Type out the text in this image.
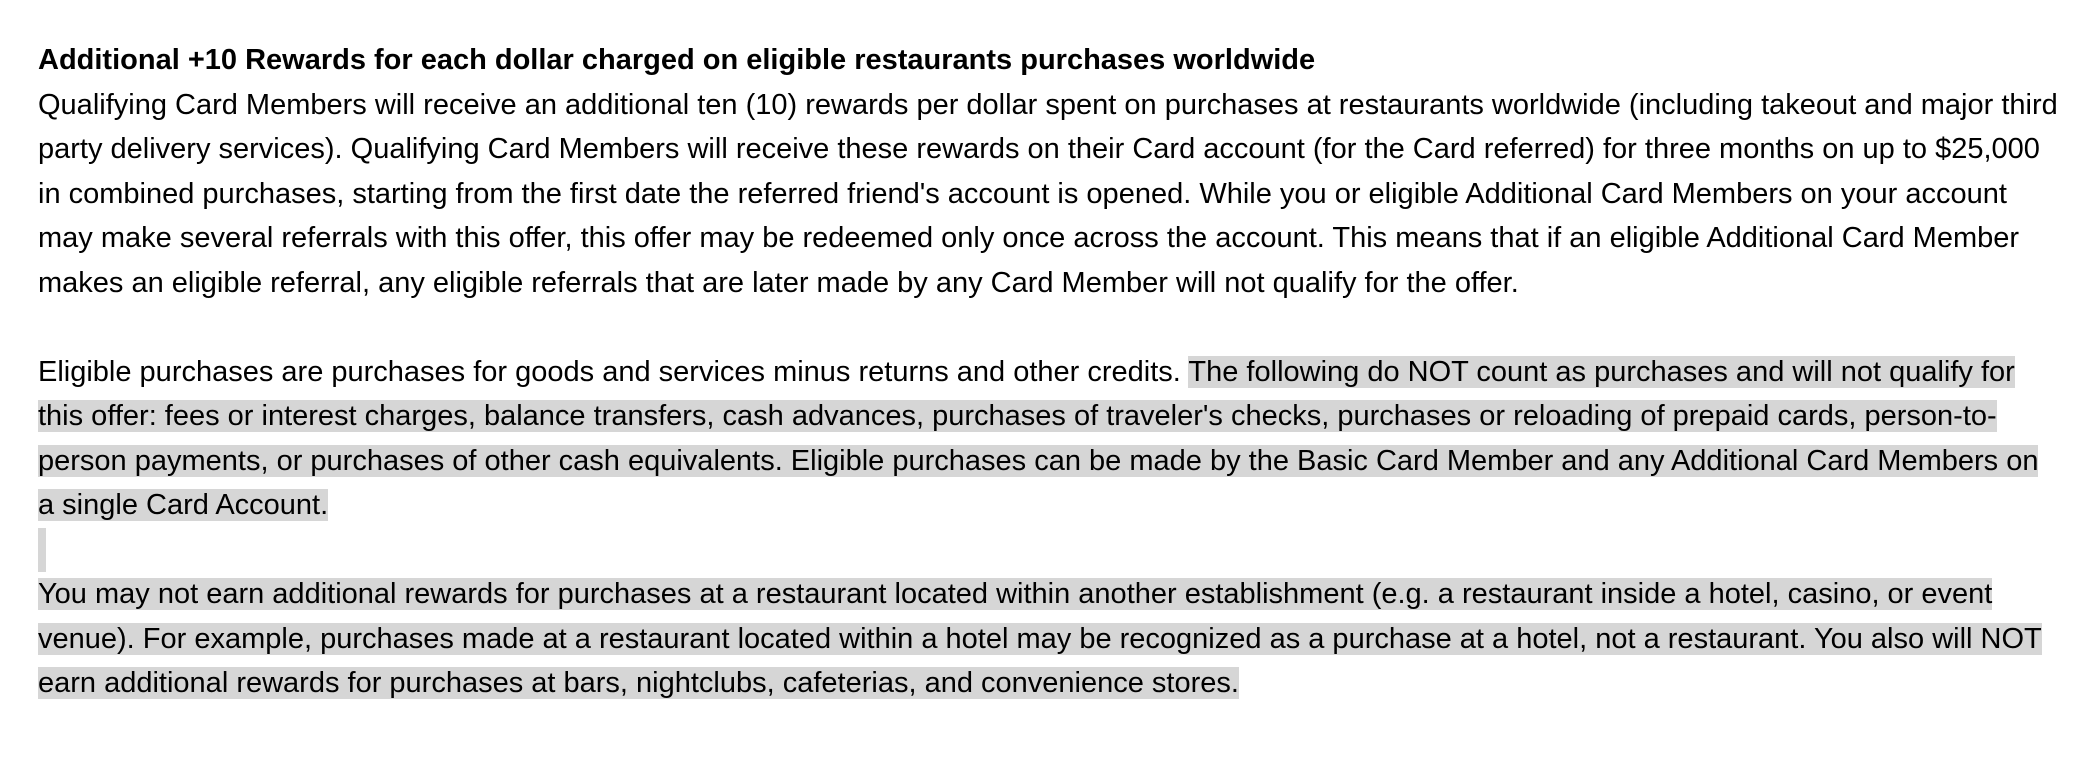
Additional +10 Rewards for each dollar charged on eligible restaurants purchases worldwide

Qualifying Card Members will receive an additional ten (10) rewards per dollar spent on purchases at restaurants worldwide (including takeout and major third party delivery services). Qualifying Card Members will receive these rewards on their Card account (for the Card referred) for three months on up to $25,000 in combined purchases, starting from the first date the referred friend's account is opened. While you or eligible Additional Card Members on your account may make several referrals with this offer, this offer may be redeemed only once across the account. This means that if an eligible Additional Card Member makes an eligible referral, any eligible referrals that are later made by any Card Member will not qualify for the offer.

Eligible purchases are purchases for goods and services minus returns and other credits. The following do NOT count as purchases and will not qualify for this offer: fees or interest charges, balance transfers, cash advances, purchases of traveler's checks, purchases or reloading of prepaid cards, person-to-person payments, or purchases of other cash equivalents. Eligible purchases can be made by the Basic Card Member and any Additional Card Members on a single Card Account.

You may not earn additional rewards for purchases at a restaurant located within another establishment (e.g. a restaurant inside a hotel, casino, or event venue). For example, purchases made at a restaurant located within a hotel may be recognized as a purchase at a hotel, not a restaurant. You also will NOT earn additional rewards for purchases at bars, nightclubs, cafeterias, and convenience stores.
